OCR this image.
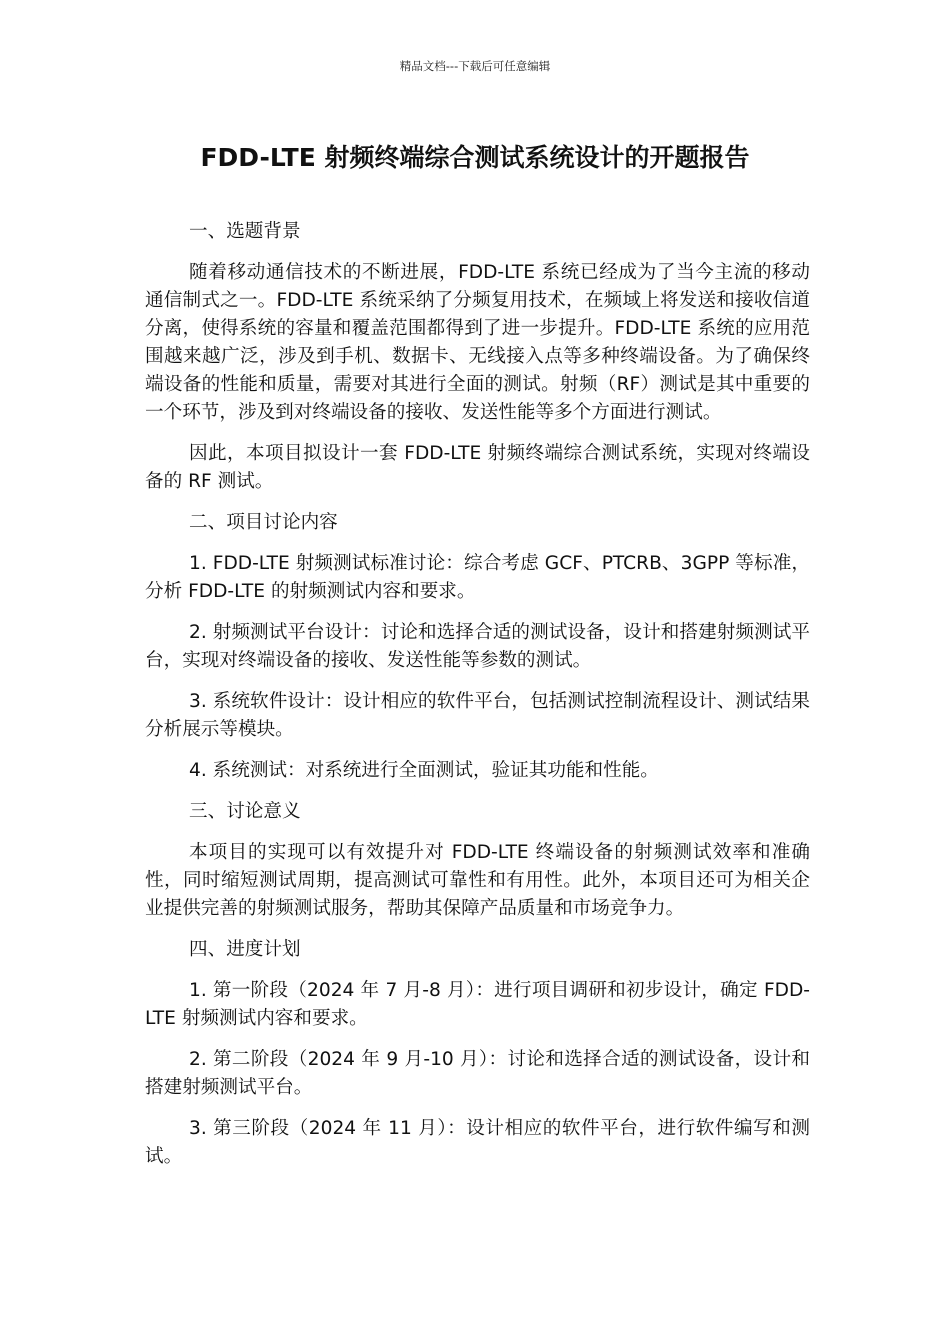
精品文档---下载后可任意编辑
FDD-LTE 射频终端综合测试系统设计的开题报告

一、选题背景

随着移动通信技术的不断进展，FDD-LTE 系统已经成为了当今主流的移动通信制式之一。FDD-LTE 系统采纳了分频复用技术，在频域上将发送和接收信道分离，使得系统的容量和覆盖范围都得到了进一步提升。FDD-LTE 系统的应用范围越来越广泛，涉及到手机、数据卡、无线接入点等多种终端设备。为了确保终端设备的性能和质量，需要对其进行全面的测试。射频（RF）测试是其中重要的一个环节，涉及到对终端设备的接收、发送性能等多个方面进行测试。

因此，本项目拟设计一套 FDD-LTE 射频终端综合测试系统，实现对终端设备的 RF 测试。

二、项目讨论内容

1. FDD-LTE 射频测试标准讨论：综合考虑 GCF、PTCRB、3GPP 等标准，分析 FDD-LTE 的射频测试内容和要求。

2. 射频测试平台设计：讨论和选择合适的测试设备，设计和搭建射频测试平台，实现对终端设备的接收、发送性能等参数的测试。

3. 系统软件设计：设计相应的软件平台，包括测试控制流程设计、测试结果分析展示等模块。

4. 系统测试：对系统进行全面测试，验证其功能和性能。

三、讨论意义

本项目的实现可以有效提升对 FDD-LTE 终端设备的射频测试效率和准确性，同时缩短测试周期，提高测试可靠性和有用性。此外，本项目还可为相关企业提供完善的射频测试服务，帮助其保障产品质量和市场竞争力。

四、进度计划

1. 第一阶段（2024 年 7 月-8 月）：进行项目调研和初步设计，确定 FDD-LTE 射频测试内容和要求。

2. 第二阶段（2024 年 9 月-10 月）：讨论和选择合适的测试设备，设计和搭建射频测试平台。

3. 第三阶段（2024 年 11 月）：设计相应的软件平台，进行软件编写和测试。
